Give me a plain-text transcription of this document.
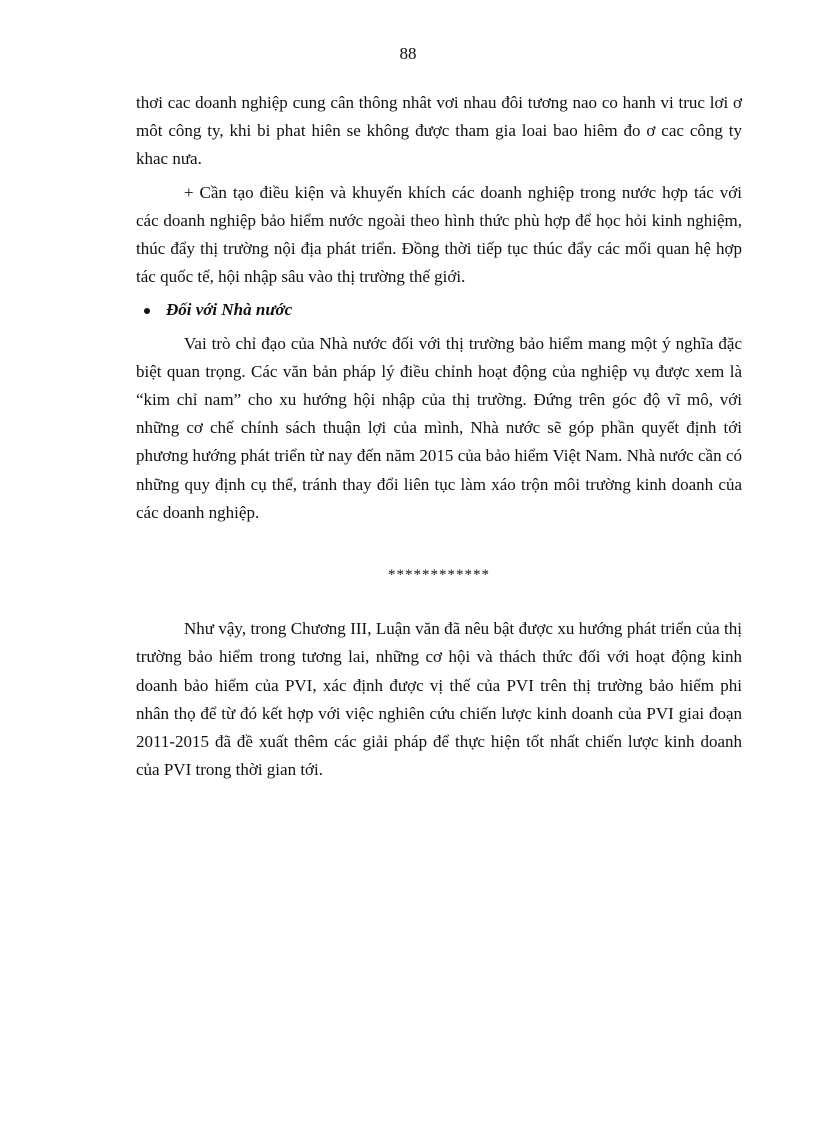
88

thơi cac doanh nghiệp cung cân thông nhât vơi nhau đôi tương nao co hanh vi truc lơi ơ môt công ty, khi bi phat hiên se không được tham gia loai bao hiêm đo ơ cac công ty khac nưa.

+ Cần tạo điều kiện và khuyến khích các doanh nghiệp trong nước hợp tác với các doanh nghiệp bảo hiểm nước ngoài theo hình thức phù hợp để học hỏi kinh nghiệm, thúc đẩy thị trường nội địa phát triển. Đồng thời tiếp tục thúc đẩy các mối quan hệ hợp tác quốc tế, hội nhập sâu vào thị trường thế giới.

Đối với Nhà nước

Vai trò chỉ đạo của Nhà nước đối với thị trường bảo hiểm mang một ý nghĩa đặc biệt quan trọng. Các văn bản pháp lý điều chỉnh hoạt động của nghiệp vụ được xem là “kim chỉ nam” cho xu hướng hội nhập của thị trường. Đứng trên góc độ vĩ mô, với những cơ chế chính sách thuận lợi của mình, Nhà nước sẽ góp phần quyết định tới phương hướng phát triển từ nay đến năm 2015 của bảo hiểm Việt Nam. Nhà nước cần có những quy định cụ thể, tránh thay đổi liên tục làm xáo trộn môi trường kinh doanh của các doanh nghiệp.

************

Như vậy, trong Chương III, Luận văn đã nêu bật được xu hướng phát triển của thị trường bảo hiểm trong tương lai, những cơ hội và thách thức đối với hoạt động kinh doanh bảo hiểm của PVI, xác định được vị thế của PVI trên thị trường bảo hiểm phi nhân thọ để từ đó kết hợp với việc nghiên cứu chiến lược kinh doanh của PVI giai đoạn 2011-2015 đã đề xuất thêm các giải pháp để thực hiện tốt nhất chiến lược kinh doanh của PVI trong thời gian tới.
